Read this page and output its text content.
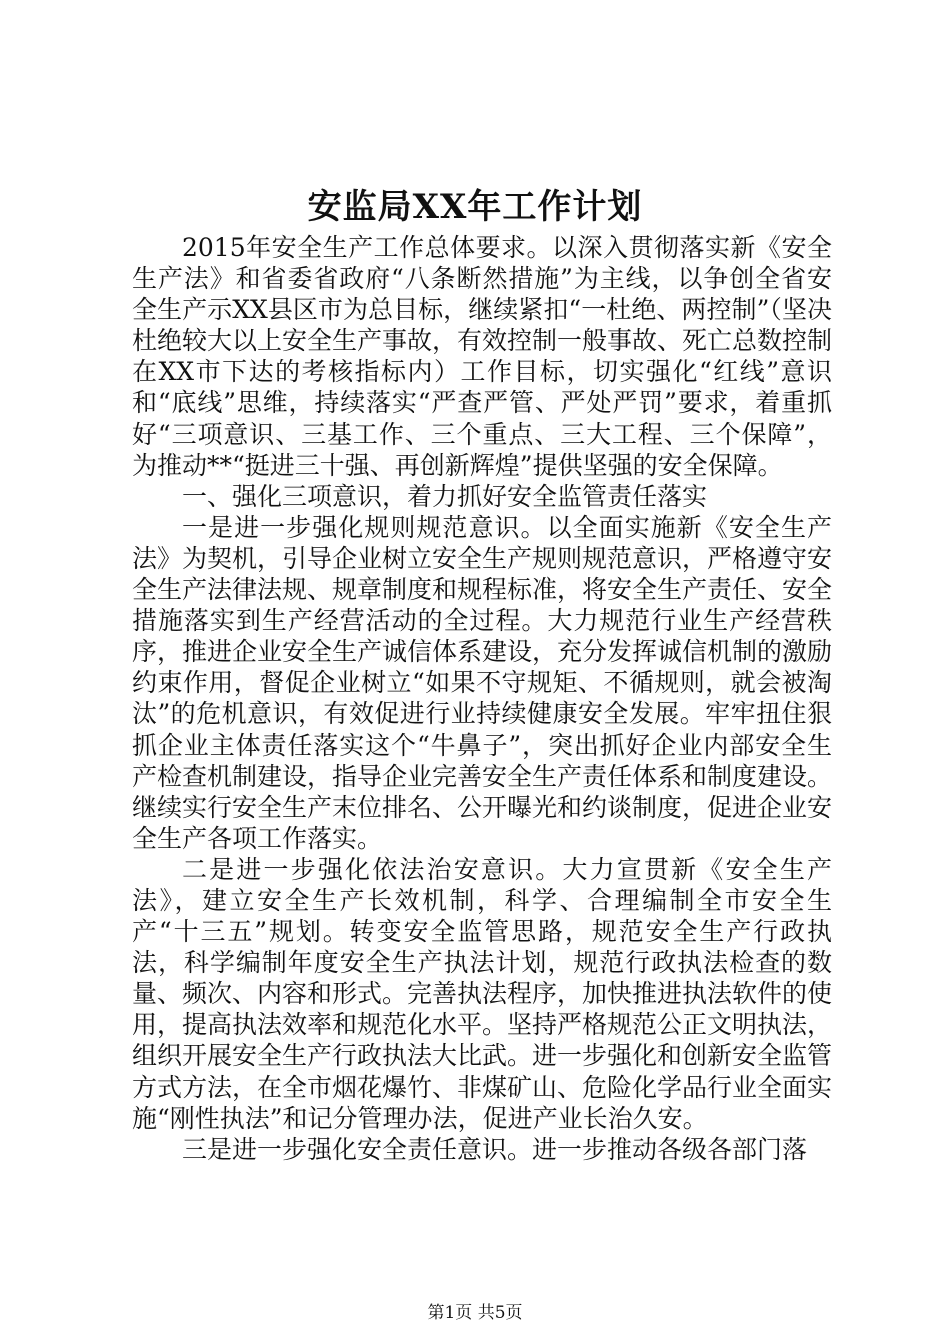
安监局XX年工作计划

2015年安全生产工作总体要求。以深入贯彻落实新《安全生产法》和省委省政府“八条断然措施”为主线，以争创全省安全生产示XX县区市为总目标，继续紧扣“一杜绝、两控制”（坚决杜绝较大以上安全生产事故，有效控制一般事故、死亡总数控制在XX市下达的考核指标内）工作目标，切实强化“红线”意识和“底线”思维，持续落实“严查严管、严处严罚”要求，着重抓好“三项意识、三基工作、三个重点、三大工程、三个保障”，为推动**“挺进三十强、再创新辉煌”提供坚强的安全保障。

一、强化三项意识，着力抓好安全监管责任落实

一是进一步强化规则规范意识。以全面实施新《安全生产法》为契机，引导企业树立安全生产规则规范意识，严格遵守安全生产法律法规、规章制度和规程标准，将安全生产责任、安全措施落实到生产经营活动的全过程。大力规范行业生产经营秩序，推进企业安全生产诚信体系建设，充分发挥诚信机制的激励约束作用，督促企业树立“如果不守规矩、不循规则，就会被淘汰”的危机意识，有效促进行业持续健康安全发展。牢牢扭住狠抓企业主体责任落实这个“牛鼻子”，突出抓好企业内部安全生产检查机制建设，指导企业完善安全生产责任体系和制度建设。继续实行安全生产末位排名、公开曝光和约谈制度，促进企业安全生产各项工作落实。

二是进一步强化依法治安意识。大力宣贯新《安全生产法》，建立安全生产长效机制，科学、合理编制全市安全生产“十三五”规划。转变安全监管思路，规范安全生产行政执法，科学编制年度安全生产执法计划，规范行政执法检查的数量、频次、内容和形式。完善执法程序，加快推进执法软件的使用，提高执法效率和规范化水平。坚持严格规范公正文明执法，组织开展安全生产行政执法大比武。进一步强化和创新安全监管方式方法，在全市烟花爆竹、非煤矿山、危险化学品行业全面实施“刚性执法”和记分管理办法，促进产业长治久安。

三是进一步强化安全责任意识。进一步推动各级各部门落

第1页 共5页
